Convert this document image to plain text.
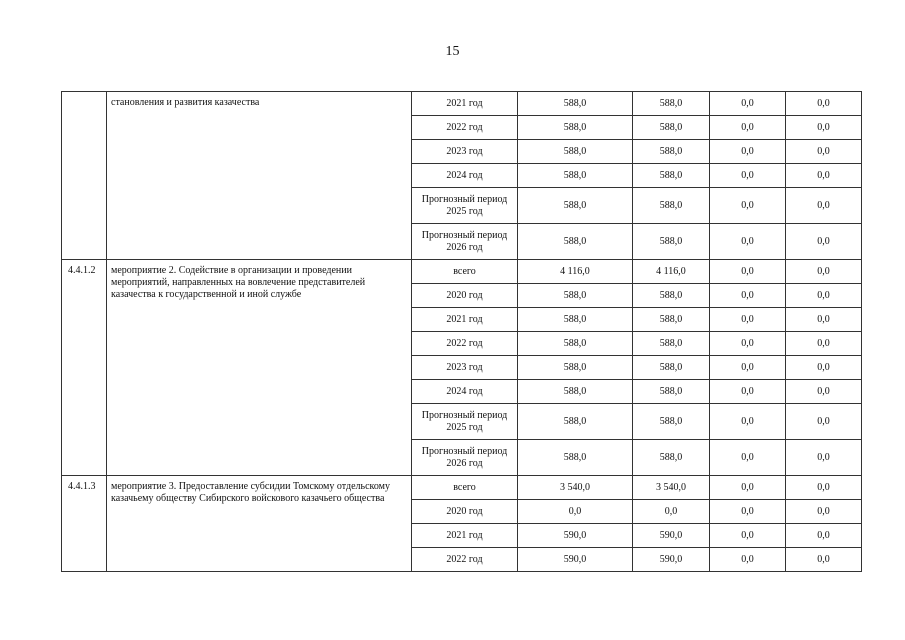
15
	становления и развития казачества	2021 год	588,0	588,0	0,0	0,0
		2022 год	588,0	588,0	0,0	0,0
		2023 год	588,0	588,0	0,0	0,0
		2024 год	588,0	588,0	0,0	0,0
		Прогнозный период 2025 год	588,0	588,0	0,0	0,0
		Прогнозный период 2026 год	588,0	588,0	0,0	0,0
4.4.1.2	мероприятие 2. Содействие в организации и проведении мероприятий, направленных на вовлечение представителей казачества к государственной и иной службе	всего	4 116,0	4 116,0	0,0	0,0
		2020 год	588,0	588,0	0,0	0,0
		2021 год	588,0	588,0	0,0	0,0
		2022 год	588,0	588,0	0,0	0,0
		2023 год	588,0	588,0	0,0	0,0
		2024 год	588,0	588,0	0,0	0,0
		Прогнозный период 2025 год	588,0	588,0	0,0	0,0
		Прогнозный период 2026 год	588,0	588,0	0,0	0,0
4.4.1.3	мероприятие 3. Предоставление субсидии Томскому отдельскому казачьему обществу Сибирского войскового казачьего общества	всего	3 540,0	3 540,0	0,0	0,0
		2020 год	0,0	0,0	0,0	0,0
		2021 год	590,0	590,0	0,0	0,0
		2022 год	590,0	590,0	0,0	0,0
